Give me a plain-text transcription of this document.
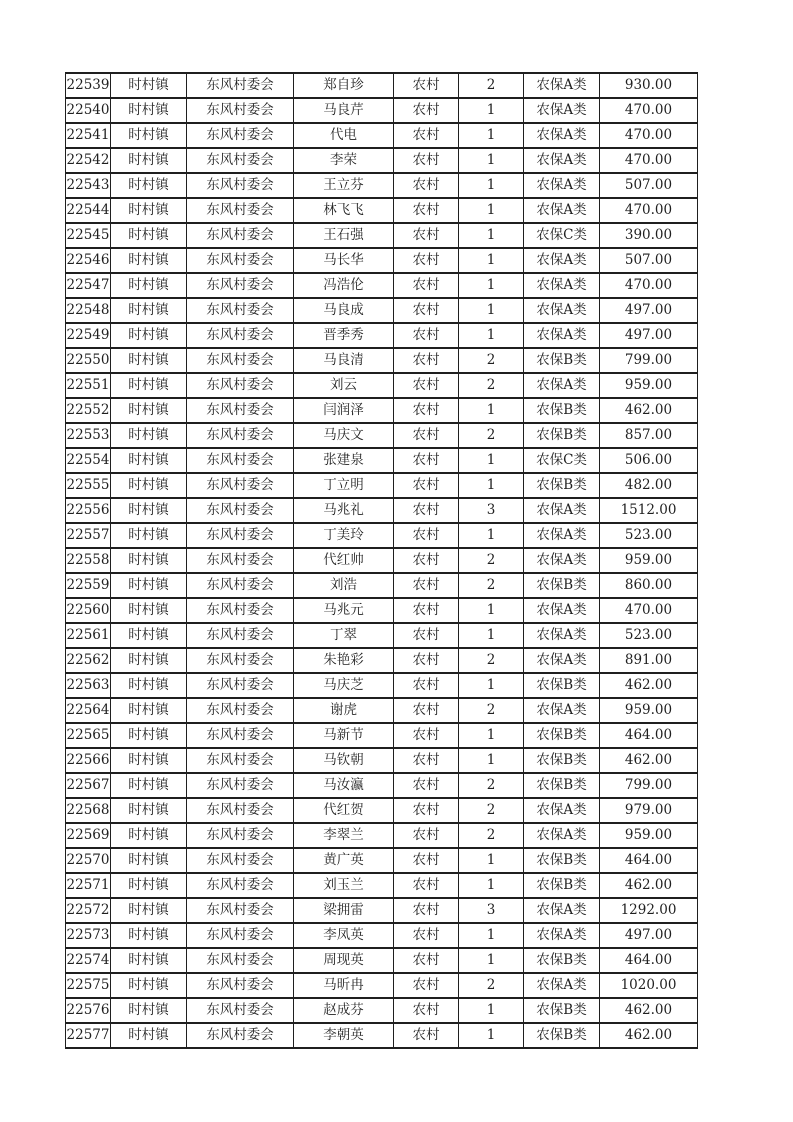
22539	时村镇	东风村委会	郑自珍	农村	2	农保A类	930.00
22540	时村镇	东风村委会	马良芹	农村	1	农保A类	470.00
22541	时村镇	东风村委会	代电	农村	1	农保A类	470.00
22542	时村镇	东风村委会	李荣	农村	1	农保A类	470.00
22543	时村镇	东风村委会	王立芬	农村	1	农保A类	507.00
22544	时村镇	东风村委会	林飞飞	农村	1	农保A类	470.00
22545	时村镇	东风村委会	王石强	农村	1	农保C类	390.00
22546	时村镇	东风村委会	马长华	农村	1	农保A类	507.00
22547	时村镇	东风村委会	冯浩伦	农村	1	农保A类	470.00
22548	时村镇	东风村委会	马良成	农村	1	农保A类	497.00
22549	时村镇	东风村委会	晋季秀	农村	1	农保A类	497.00
22550	时村镇	东风村委会	马良清	农村	2	农保B类	799.00
22551	时村镇	东风村委会	刘云	农村	2	农保A类	959.00
22552	时村镇	东风村委会	闫润泽	农村	1	农保B类	462.00
22553	时村镇	东风村委会	马庆文	农村	2	农保B类	857.00
22554	时村镇	东风村委会	张建泉	农村	1	农保C类	506.00
22555	时村镇	东风村委会	丁立明	农村	1	农保B类	482.00
22556	时村镇	东风村委会	马兆礼	农村	3	农保A类	1512.00
22557	时村镇	东风村委会	丁美玲	农村	1	农保A类	523.00
22558	时村镇	东风村委会	代红帅	农村	2	农保A类	959.00
22559	时村镇	东风村委会	刘浩	农村	2	农保B类	860.00
22560	时村镇	东风村委会	马兆元	农村	1	农保A类	470.00
22561	时村镇	东风村委会	丁翠	农村	1	农保A类	523.00
22562	时村镇	东风村委会	朱艳彩	农村	2	农保A类	891.00
22563	时村镇	东风村委会	马庆芝	农村	1	农保B类	462.00
22564	时村镇	东风村委会	谢虎	农村	2	农保A类	959.00
22565	时村镇	东风村委会	马新节	农村	1	农保B类	464.00
22566	时村镇	东风村委会	马钦朝	农村	1	农保B类	462.00
22567	时村镇	东风村委会	马汝瀛	农村	2	农保B类	799.00
22568	时村镇	东风村委会	代红贺	农村	2	农保A类	979.00
22569	时村镇	东风村委会	李翠兰	农村	2	农保A类	959.00
22570	时村镇	东风村委会	黄广英	农村	1	农保B类	464.00
22571	时村镇	东风村委会	刘玉兰	农村	1	农保B类	462.00
22572	时村镇	东风村委会	梁拥雷	农村	3	农保A类	1292.00
22573	时村镇	东风村委会	李凤英	农村	1	农保A类	497.00
22574	时村镇	东风村委会	周现英	农村	1	农保B类	464.00
22575	时村镇	东风村委会	马昕冉	农村	2	农保A类	1020.00
22576	时村镇	东风村委会	赵成芬	农村	1	农保B类	462.00
22577	时村镇	东风村委会	李朝英	农村	1	农保B类	462.00
